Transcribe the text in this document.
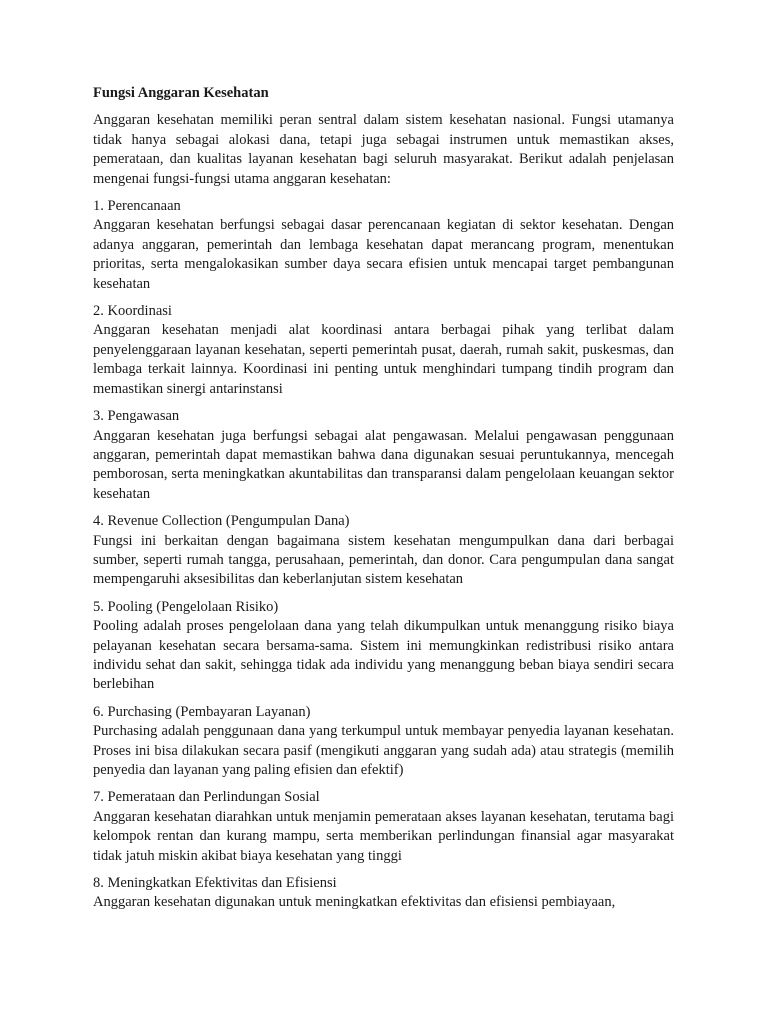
Fungsi Anggaran Kesehatan

Anggaran kesehatan memiliki peran sentral dalam sistem kesehatan nasional. Fungsi utamanya tidak hanya sebagai alokasi dana, tetapi juga sebagai instrumen untuk memastikan akses, pemerataan, dan kualitas layanan kesehatan bagi seluruh masyarakat. Berikut adalah penjelasan mengenai fungsi-fungsi utama anggaran kesehatan:

1. Perencanaan

Anggaran kesehatan berfungsi sebagai dasar perencanaan kegiatan di sektor kesehatan. Dengan adanya anggaran, pemerintah dan lembaga kesehatan dapat merancang program, menentukan prioritas, serta mengalokasikan sumber daya secara efisien untuk mencapai target pembangunan kesehatan

2. Koordinasi

Anggaran kesehatan menjadi alat koordinasi antara berbagai pihak yang terlibat dalam penyelenggaraan layanan kesehatan, seperti pemerintah pusat, daerah, rumah sakit, puskesmas, dan lembaga terkait lainnya. Koordinasi ini penting untuk menghindari tumpang tindih program dan memastikan sinergi antarinstansi

3. Pengawasan

Anggaran kesehatan juga berfungsi sebagai alat pengawasan. Melalui pengawasan penggunaan anggaran, pemerintah dapat memastikan bahwa dana digunakan sesuai peruntukannya, mencegah pemborosan, serta meningkatkan akuntabilitas dan transparansi dalam pengelolaan keuangan sektor kesehatan

4. Revenue Collection (Pengumpulan Dana)

Fungsi ini berkaitan dengan bagaimana sistem kesehatan mengumpulkan dana dari berbagai sumber, seperti rumah tangga, perusahaan, pemerintah, dan donor. Cara pengumpulan dana sangat mempengaruhi aksesibilitas dan keberlanjutan sistem kesehatan

5. Pooling (Pengelolaan Risiko)

Pooling adalah proses pengelolaan dana yang telah dikumpulkan untuk menanggung risiko biaya pelayanan kesehatan secara bersama-sama. Sistem ini memungkinkan redistribusi risiko antara individu sehat dan sakit, sehingga tidak ada individu yang menanggung beban biaya sendiri secara berlebihan

6. Purchasing (Pembayaran Layanan)

Purchasing adalah penggunaan dana yang terkumpul untuk membayar penyedia layanan kesehatan. Proses ini bisa dilakukan secara pasif (mengikuti anggaran yang sudah ada) atau strategis (memilih penyedia dan layanan yang paling efisien dan efektif)

7. Pemerataan dan Perlindungan Sosial

Anggaran kesehatan diarahkan untuk menjamin pemerataan akses layanan kesehatan, terutama bagi kelompok rentan dan kurang mampu, serta memberikan perlindungan finansial agar masyarakat tidak jatuh miskin akibat biaya kesehatan yang tinggi

8. Meningkatkan Efektivitas dan Efisiensi

Anggaran kesehatan digunakan untuk meningkatkan efektivitas dan efisiensi pembiayaan,
